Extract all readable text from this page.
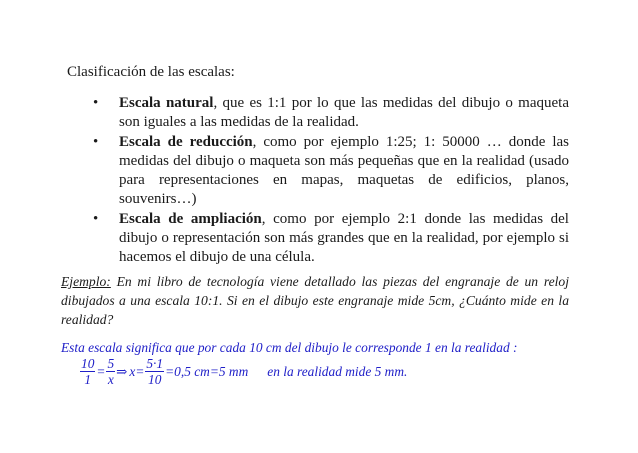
Clasificación de las escalas:
• Escala natural, que es 1:1 por lo que las medidas del dibujo o maqueta son iguales a las medidas de la realidad.
• Escala de reducción, como por ejemplo 1:25; 1: 50000 … donde las medidas del dibujo o maqueta son más pequeñas que en la realidad (usado para representaciones en mapas, maquetas de edificios, planos, souvenirs…)
• Escala de ampliación, como por ejemplo 2:1 donde las medidas del dibujo o representación son más grandes que en la realidad, por ejemplo si hacemos el dibujo de una célula.
Ejemplo: En mi libro de tecnología viene detallado las piezas del engranaje de un reloj dibujados a una escala 10:1. Si en el dibujo este engranaje mide 5cm, ¿Cuánto mide en la realidad?
Esta escala significa que por cada 10 cm del dibujo le corresponde 1 en la realidad :
$\frac{10}{1} = \frac{5}{x}$ ⇒ $x= \frac{5\cdot 1}{10} =0,5$ cm=5 mm en la realidad mide 5 mm.
